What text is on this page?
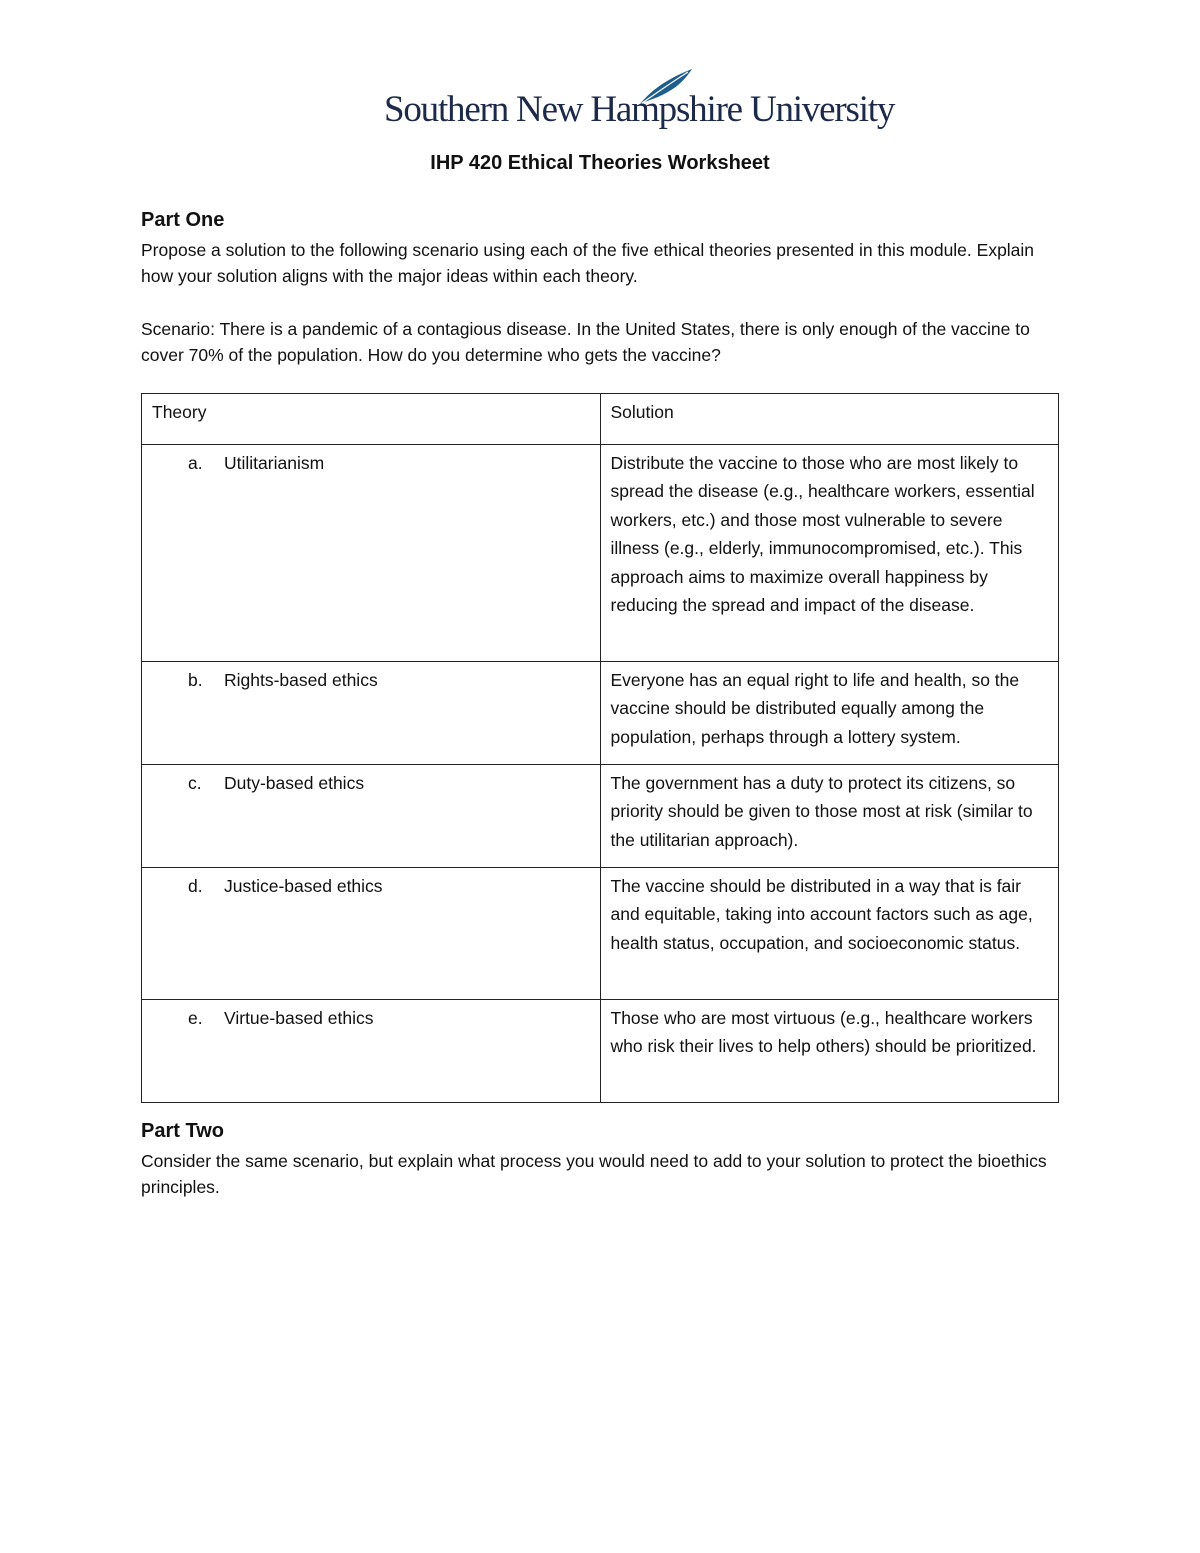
Southern New Hampshire University
IHP 420 Ethical Theories Worksheet
Part One
Propose a solution to the following scenario using each of the five ethical theories presented in this module. Explain how your solution aligns with the major ideas within each theory.
Scenario: There is a pandemic of a contagious disease. In the United States, there is only enough of the vaccine to cover 70% of the population. How do you determine who gets the vaccine?
Theory	Solution

a. Utilitarianism	Distribute the vaccine to those who are most likely to spread the disease (e.g., healthcare workers, essential workers, etc.) and those most vulnerable to severe illness (e.g., elderly, immunocompromised, etc.). This approach aims to maximize overall happiness by reducing the spread and impact of the disease.

b. Rights-based ethics	Everyone has an equal right to life and health, so the vaccine should be distributed equally among the population, perhaps through a lottery system.

c. Duty-based ethics	The government has a duty to protect its citizens, so priority should be given to those most at risk (similar to the utilitarian approach).

d. Justice-based ethics	The vaccine should be distributed in a way that is fair and equitable, taking into account factors such as age, health status, occupation, and socioeconomic status.

e. Virtue-based ethics	Those who are most virtuous (e.g., healthcare workers who risk their lives to help others) should be prioritized.
Part Two
Consider the same scenario, but explain what process you would need to add to your solution to protect the bioethics principles.
